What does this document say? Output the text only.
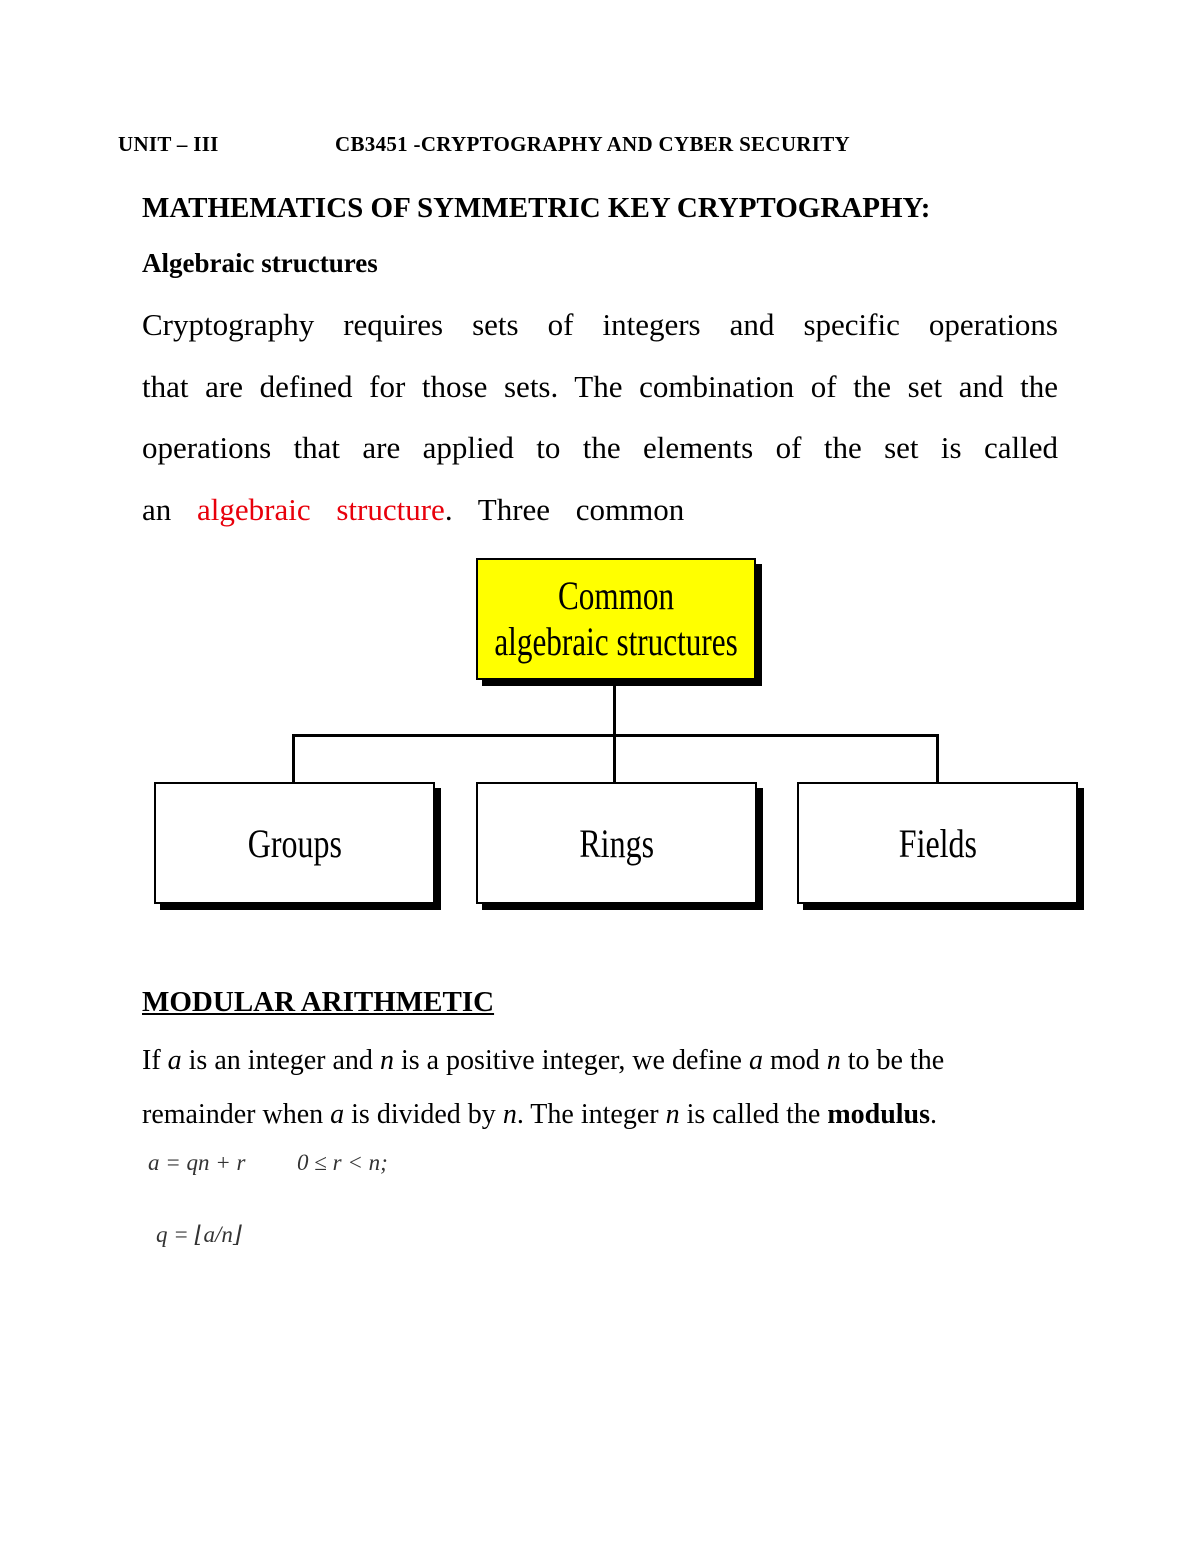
UNIT – III	CB3451 -CRYPTOGRAPHY AND CYBER SECURITY
MATHEMATICS OF SYMMETRIC KEY CRYPTOGRAPHY:
Algebraic structures
Cryptography requires sets of integers and specific operations
that are defined for those sets. The combination of the set and the
operations that are applied to the elements of the set is called
an algebraic structure. Three common
Common
algebraic structures
Groups	Rings	Fields
MODULAR ARITHMETIC
If a is an integer and n is a positive integer, we define a mod n to be the
remainder when a is divided by n. The integer n is called the modulus.
a = qn + r 0 ≤ r < n;
q = ⌊a/n⌋
